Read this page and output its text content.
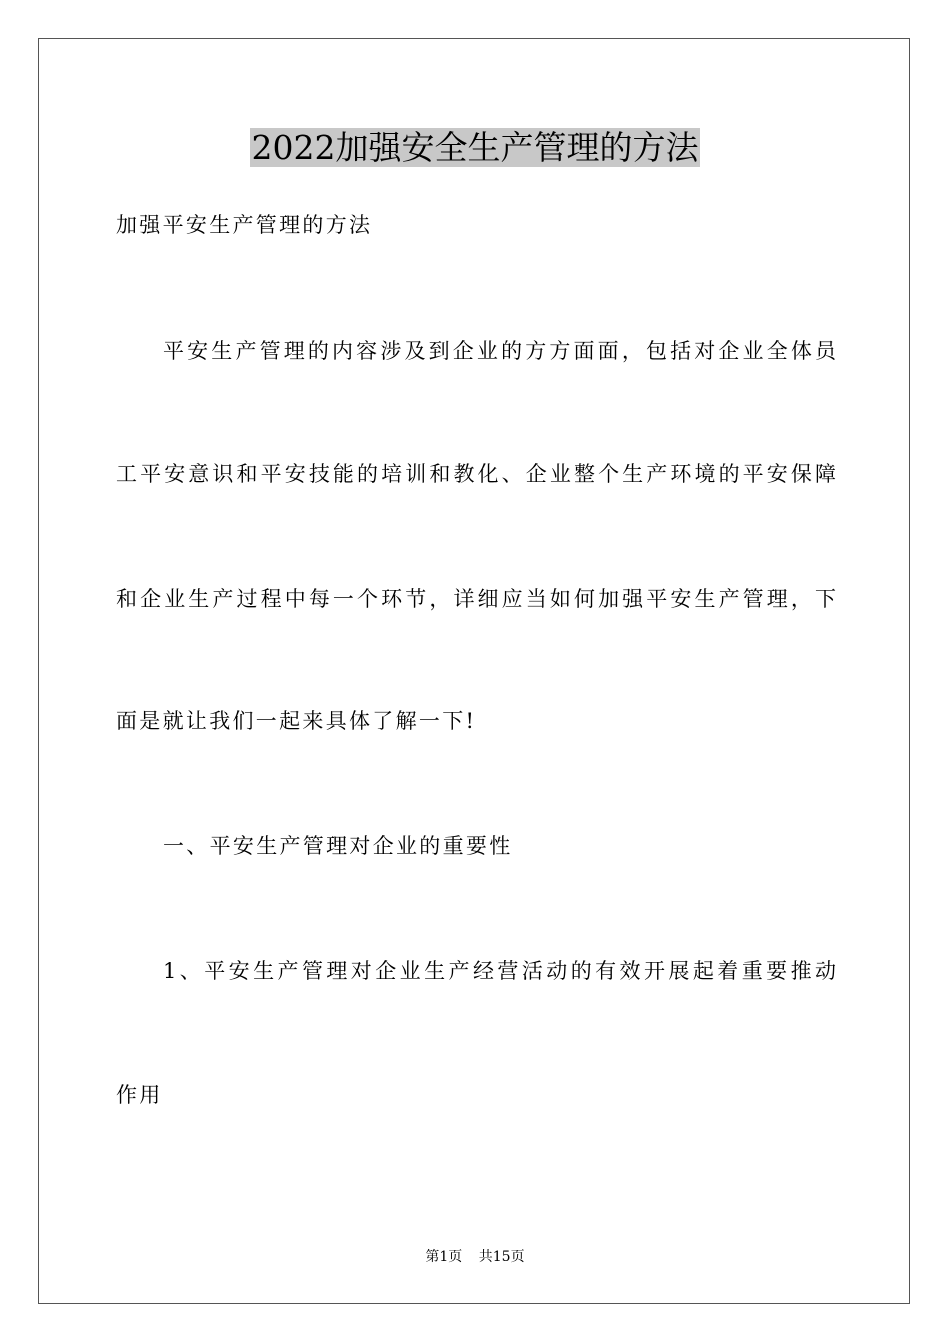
2022加强安全生产管理的方法
加强平安生产管理的方法
平安生产管理的内容涉及到企业的方方面面，包括对企业全体员
工平安意识和平安技能的培训和教化、企业整个生产环境的平安保障
和企业生产过程中每一个环节，详细应当如何加强平安生产管理，下
面是就让我们一起来具体了解一下!
一、平安生产管理对企业的重要性
1、平安生产管理对企业生产经营活动的有效开展起着重要推动
作用
第1页 共15页
